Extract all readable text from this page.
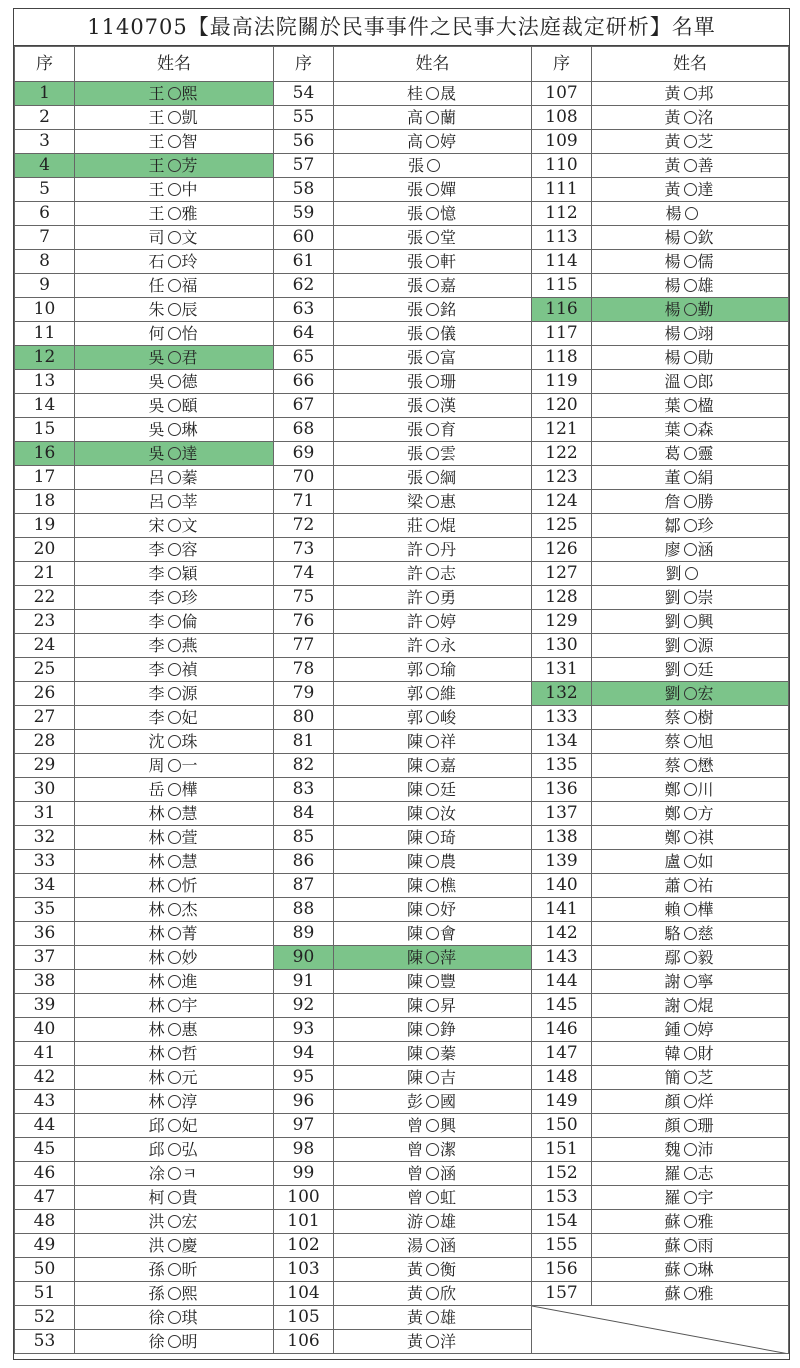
1140705【最高法院關於民事事件之民事大法庭裁定研析】名單
序	姓名	序	姓名	序	姓名
1	王 熙	54	桂 晟	107	黃 邦
2	王 凱	55	高 蘭	108	黃 洺
3	王 智	56	高 婷	109	黃 芝
4	王 芳	57	張	110	黃 善
5	王 中	58	張 嬋	111	黃 達
6	王 雅	59	張 憶	112	楊
7	司 文	60	張 堂	113	楊 欽
8	石 玲	61	張 軒	114	楊 儒
9	任 福	62	張 嘉	115	楊 雄
10	朱 辰	63	張 銘	116	楊 勤
11	何 怡	64	張 儀	117	楊 翊
12	吳 君	65	張 富	118	楊 勛
13	吳 德	66	張 珊	119	溫 郎
14	吳 頤	67	張 漢	120	葉 楹
15	吳 琳	68	張 育	121	葉 森
16	吳 達	69	張 雲	122	葛 靈
17	呂 蓁	70	張 綱	123	董 絹
18	呂 莘	71	梁 惠	124	詹 勝
19	宋 文	72	莊 焜	125	鄒 珍
20	李 容	73	許 丹	126	廖 涵
21	李 穎	74	許 志	127	劉
22	李 珍	75	許 勇	128	劉 崇
23	李 倫	76	許 婷	129	劉 興
24	李 燕	77	許 永	130	劉 源
25	李 禎	78	郭 瑜	131	劉 廷
26	李 源	79	郭 維	132	劉 宏
27	李 妃	80	郭 峻	133	蔡 樹
28	沈 珠	81	陳 祥	134	蔡 旭
29	周 一	82	陳 嘉	135	蔡 懋
30	岳 樺	83	陳 廷	136	鄭 川
31	林 慧	84	陳 汝	137	鄭 方
32	林 萱	85	陳 琦	138	鄭 祺
33	林 慧	86	陳 農	139	盧 如
34	林 忻	87	陳 樵	140	蕭 祐
35	林 杰	88	陳 妤	141	賴 樺
36	林 菁	89	陳 會	142	駱 慈
37	林 妙	90	陳 萍	143	鄢 毅
38	林 進	91	陳 豐	144	謝 寧
39	林 宇	92	陳 昇	145	謝 焜
40	林 惠	93	陳 錚	146	鍾 婷
41	林 哲	94	陳 蓁	147	韓 財
42	林 元	95	陳 吉	148	簡 芝
43	林 淳	96	彭 國	149	顏 烊
44	邱 妃	97	曾 興	150	顏 珊
45	邱 弘	98	曾 潔	151	魏 沛
46	凃 ㅋ	99	曾 涵	152	羅 志
47	柯 貴	100	曾 虹	153	羅 宇
48	洪 宏	101	游 雄	154	蘇 雅
49	洪 慶	102	湯 涵	155	蘇 雨
50	孫 昕	103	黃 衡	156	蘇 琳
51	孫 熙	104	黃 欣	157	蘇 雅
52	徐 琪	105	黃 雄	

53	徐 明	106	黃 洋		
